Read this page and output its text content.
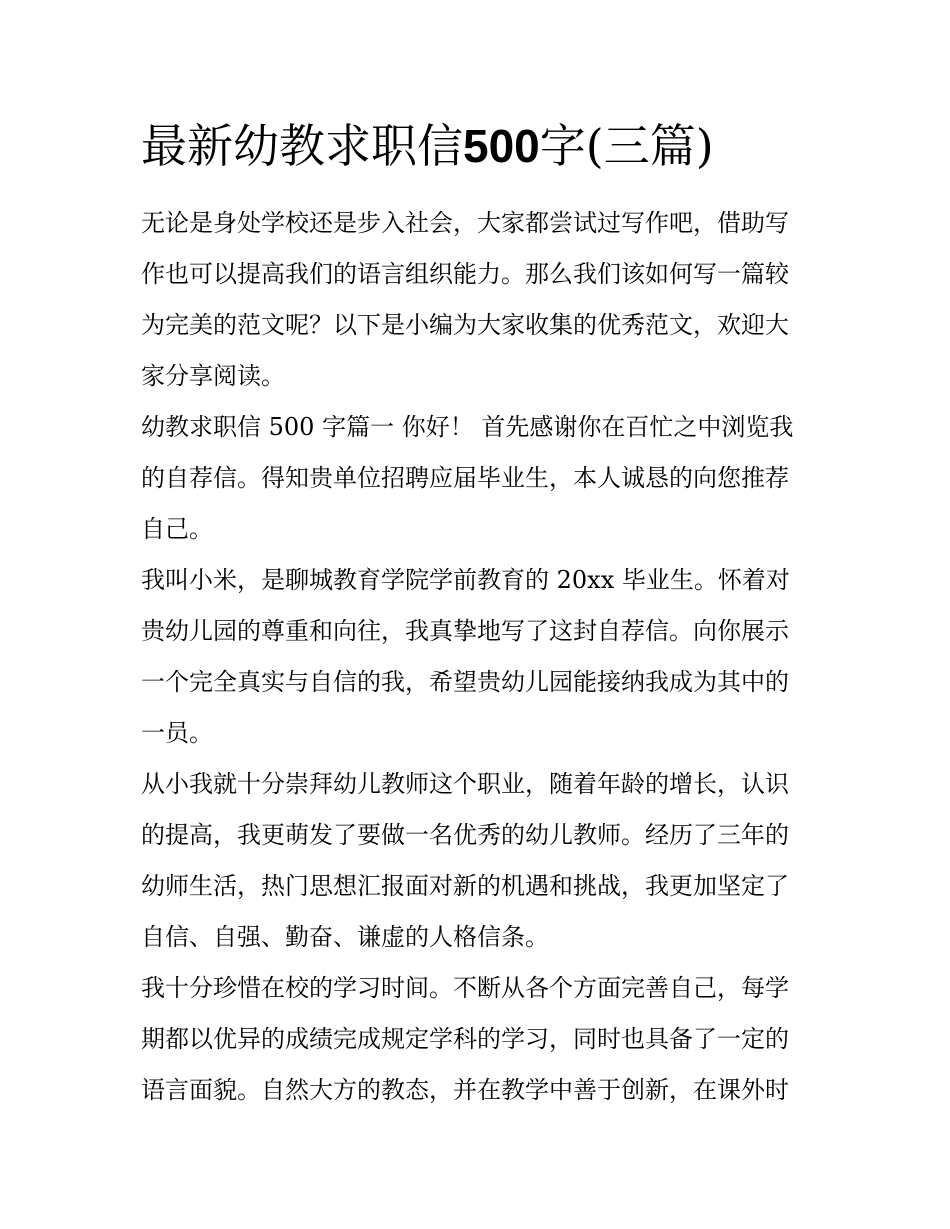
最新幼教求职信500字(三篇)

无论是身处学校还是步入社会，大家都尝试过写作吧，借助写
作也可以提高我们的语言组织能力。那么我们该如何写一篇较
为完美的范文呢？以下是小编为大家收集的优秀范文，欢迎大
家分享阅读。

幼教求职信 500 字篇一 你好！ 首先感谢你在百忙之中浏览我
的自荐信。得知贵单位招聘应届毕业生，本人诚恳的向您推荐
自己。

我叫小米，是聊城教育学院学前教育的 20xx 毕业生。怀着对
贵幼儿园的尊重和向往，我真挚地写了这封自荐信。向你展示
一个完全真实与自信的我，希望贵幼儿园能接纳我成为其中的
一员。

从小我就十分崇拜幼儿教师这个职业，随着年龄的增长，认识
的提高，我更萌发了要做一名优秀的幼儿教师。经历了三年的
幼师生活，热门思想汇报面对新的机遇和挑战，我更加坚定了
自信、自强、勤奋、谦虚的人格信条。

我十分珍惜在校的学习时间。不断从各个方面完善自己，每学
期都以优异的成绩完成规定学科的学习，同时也具备了一定的
语言面貌。自然大方的教态，并在教学中善于创新，在课外时
